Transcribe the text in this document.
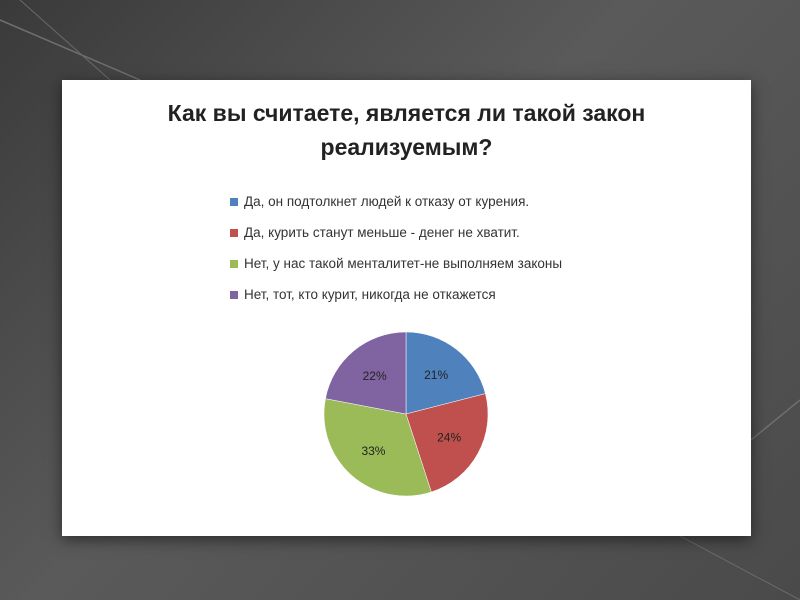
Как вы считаете, является ли такой закон
реализуемым?
Да, он подтолкнет людей к отказу от курения.
Да, курить станут меньше - денег не хватит.
Нет, у нас такой менталитет-не выполняем законы
Нет, тот, кто курит, никогда не откажется
21%
24%
33%
22%
